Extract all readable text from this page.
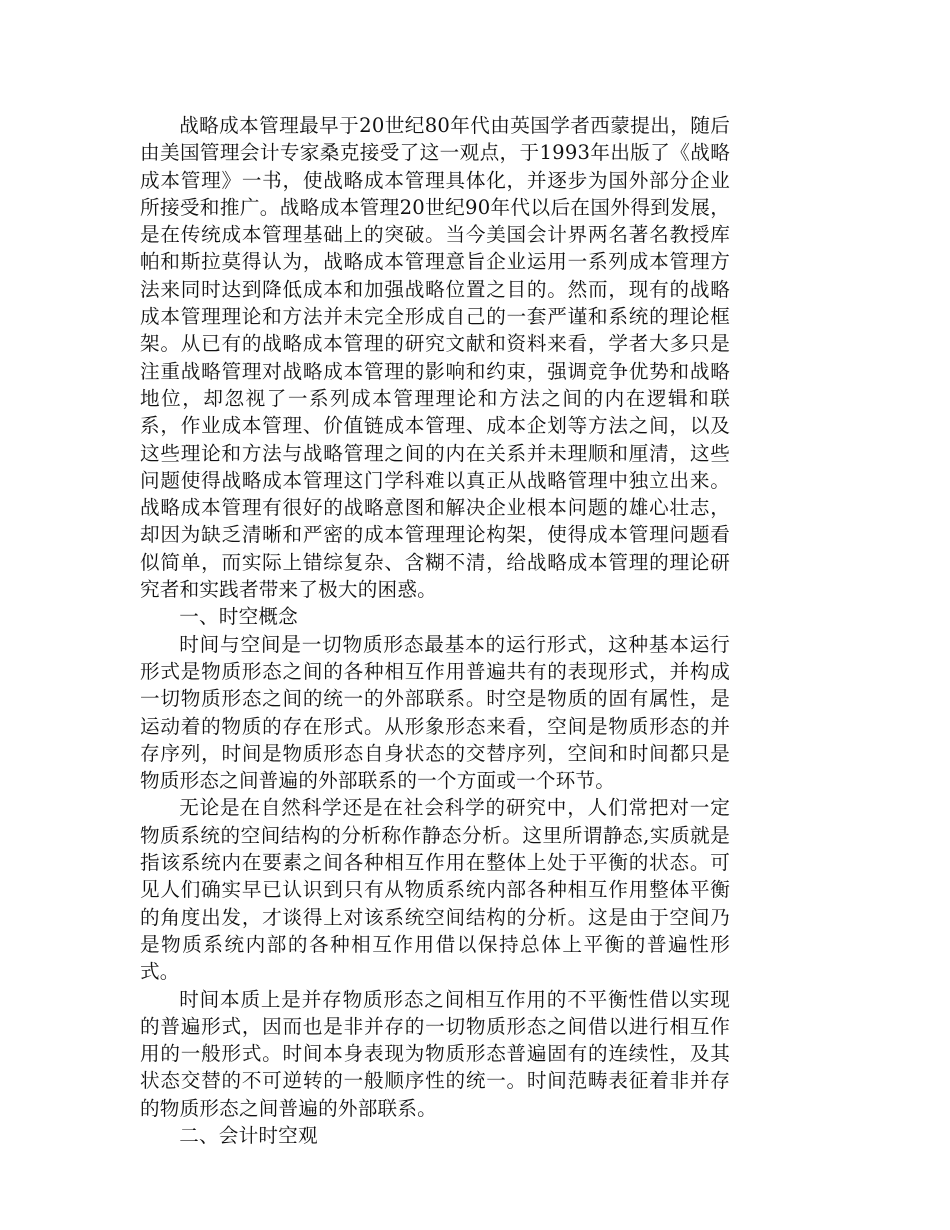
战略成本管理最早于20世纪80年代由英国学者西蒙提出，随后由美国管理会计专家桑克接受了这一观点，于1993年出版了《战略成本管理》一书，使战略成本管理具体化，并逐步为国外部分企业所接受和推广。战略成本管理20世纪90年代以后在国外得到发展，是在传统成本管理基础上的突破。当今美国会计界两名著名教授库帕和斯拉莫得认为，战略成本管理意旨企业运用一系列成本管理方法来同时达到降低成本和加强战略位置之目的。然而，现有的战略成本管理理论和方法并未完全形成自己的一套严谨和系统的理论框架。从已有的战略成本管理的研究文献和资料来看，学者大多只是注重战略管理对战略成本管理的影响和约束，强调竞争优势和战略地位，却忽视了一系列成本管理理论和方法之间的内在逻辑和联系，作业成本管理、价值链成本管理、成本企划等方法之间，以及这些理论和方法与战略管理之间的内在关系并未理顺和厘清，这些问题使得战略成本管理这门学科难以真正从战略管理中独立出来。战略成本管理有很好的战略意图和解决企业根本问题的雄心壮志，却因为缺乏清晰和严密的成本管理理论构架，使得成本管理问题看似简单，而实际上错综复杂、含糊不清，给战略成本管理的理论研究者和实践者带来了极大的困惑。

一、时空概念

时间与空间是一切物质形态最基本的运行形式，这种基本运行形式是物质形态之间的各种相互作用普遍共有的表现形式，并构成一切物质形态之间的统一的外部联系。时空是物质的固有属性，是运动着的物质的存在形式。从形象形态来看，空间是物质形态的并存序列，时间是物质形态自身状态的交替序列，空间和时间都只是物质形态之间普遍的外部联系的一个方面或一个环节。

无论是在自然科学还是在社会科学的研究中，人们常把对一定物质系统的空间结构的分析称作静态分析。这里所谓静态,实质就是指该系统内在要素之间各种相互作用在整体上处于平衡的状态。可见人们确实早已认识到只有从物质系统内部各种相互作用整体平衡的角度出发，才谈得上对该系统空间结构的分析。这是由于空间乃是物质系统内部的各种相互作用借以保持总体上平衡的普遍性形式。

时间本质上是并存物质形态之间相互作用的不平衡性借以实现的普遍形式，因而也是非并存的一切物质形态之间借以进行相互作用的一般形式。时间本身表现为物质形态普遍固有的连续性，及其状态交替的不可逆转的一般顺序性的统一。时间范畴表征着非并存的物质形态之间普遍的外部联系。

二、会计时空观
